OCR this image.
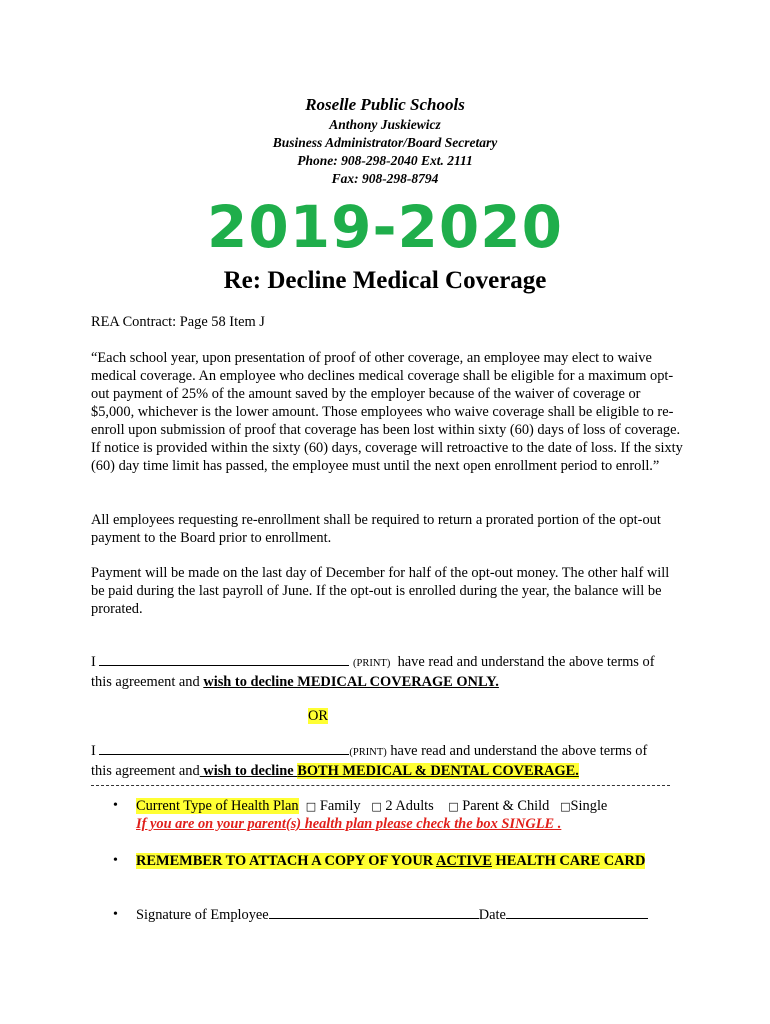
Roselle Public Schools
Anthony Juskiewicz
Business Administrator/Board Secretary
Phone: 908-298-2040 Ext. 2111
Fax: 908-298-8794
2019-2020
Re: Decline Medical Coverage
REA Contract: Page 58 Item J
“Each school year, upon presentation of proof of other coverage, an employee may elect to waive medical coverage. An employee who declines medical coverage shall be eligible for a maximum opt-out payment of 25% of the amount saved by the employer because of the waiver of coverage or $5,000, whichever is the lower amount. Those employees who waive coverage shall be eligible to re-enroll upon submission of proof that coverage has been lost within sixty (60) days of loss of coverage. If notice is provided within the sixty (60) days, coverage will retroactive to the date of loss. If the sixty (60) day time limit has passed, the employee must until the next open enrollment period to enroll.”
All employees requesting re-enrollment shall be required to return a prorated portion of the opt-out payment to the Board prior to enrollment.
Payment will be made on the last day of December for half of the opt-out money. The other half will be paid during the last payroll of June. If the opt-out is enrolled during the year, the balance will be prorated.
I	(PRINT) have read and understand the above terms of
this agreement and wish to decline MEDICAL COVERAGE ONLY.
OR
I	(PRINT) have read and understand the above terms of
this agreement and wish to decline BOTH MEDICAL & DENTAL COVERAGE.
• Current Type of Health Plan □ Family □ 2 Adults □ Parent & Child □Single
If you are on your parent(s) health plan please check the box SINGLE .
• REMEMBER TO ATTACH A COPY OF YOUR ACTIVE HEALTH CARE CARD
• Signature of Employee	Date
